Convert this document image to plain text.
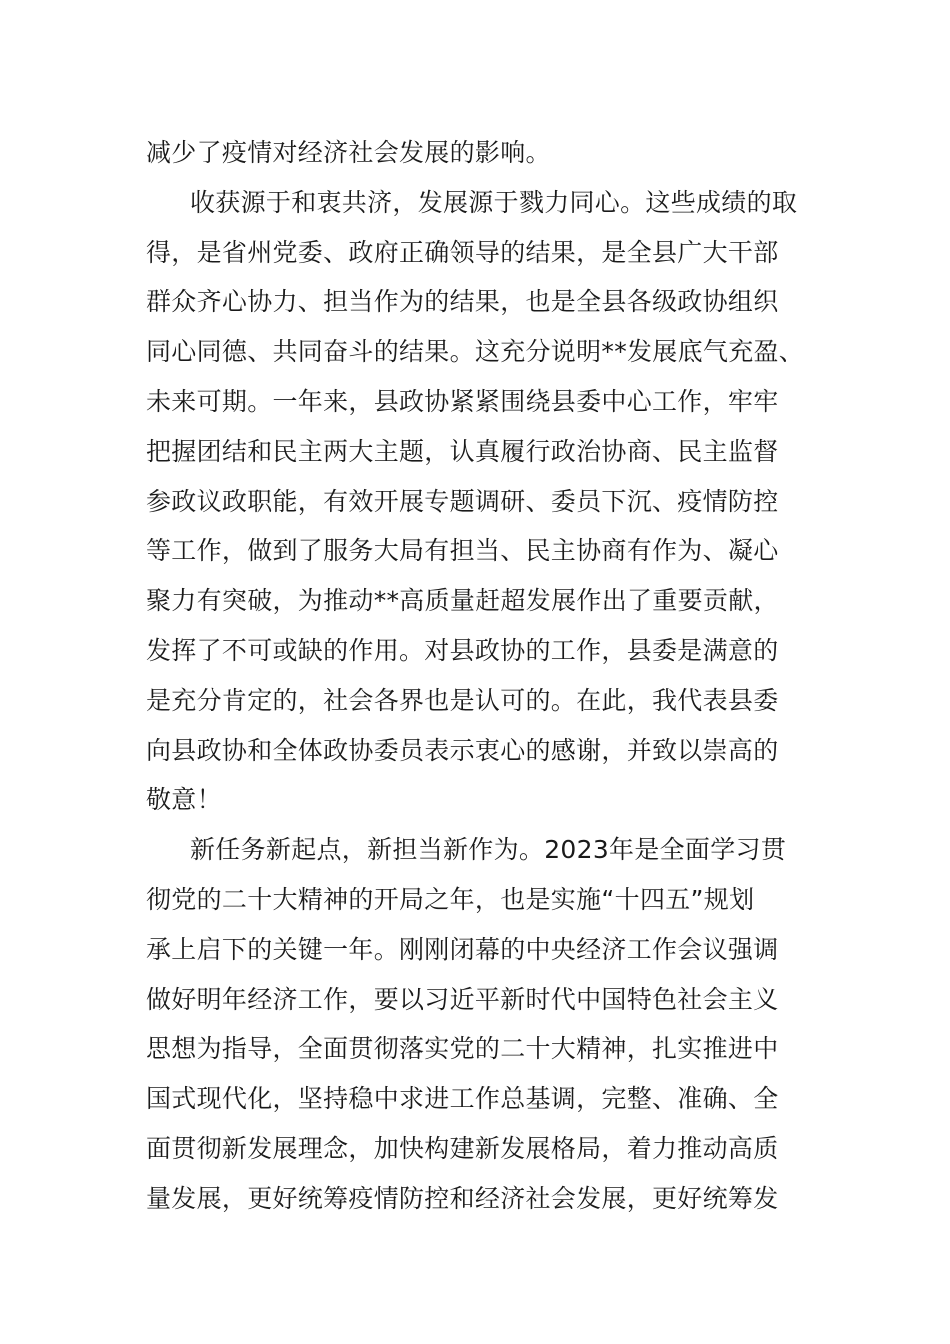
减少了疫情对经济社会发展的影响。
收获源于和衷共济，发展源于戮力同心。这些成绩的取
得，是省州党委、政府正确领导的结果，是全县广大干部
群众齐心协力、担当作为的结果，也是全县各级政协组织
同心同德、共同奋斗的结果。这充分说明**发展底气充盈、
未来可期。一年来，县政协紧紧围绕县委中心工作，牢牢
把握团结和民主两大主题，认真履行政治协商、民主监督
参政议政职能，有效开展专题调研、委员下沉、疫情防控
等工作，做到了服务大局有担当、民主协商有作为、凝心
聚力有突破，为推动**高质量赶超发展作出了重要贡献，
发挥了不可或缺的作用。对县政协的工作，县委是满意的
是充分肯定的，社会各界也是认可的。在此，我代表县委
向县政协和全体政协委员表示衷心的感谢，并致以崇高的
敬意！
新任务新起点，新担当新作为。2023年是全面学习贯
彻党的二十大精神的开局之年，也是实施“十四五”规划
承上启下的关键一年。刚刚闭幕的中央经济工作会议强调
做好明年经济工作，要以习近平新时代中国特色社会主义
思想为指导，全面贯彻落实党的二十大精神，扎实推进中
国式现代化，坚持稳中求进工作总基调，完整、准确、全
面贯彻新发展理念，加快构建新发展格局，着力推动高质
量发展，更好统筹疫情防控和经济社会发展，更好统筹发
